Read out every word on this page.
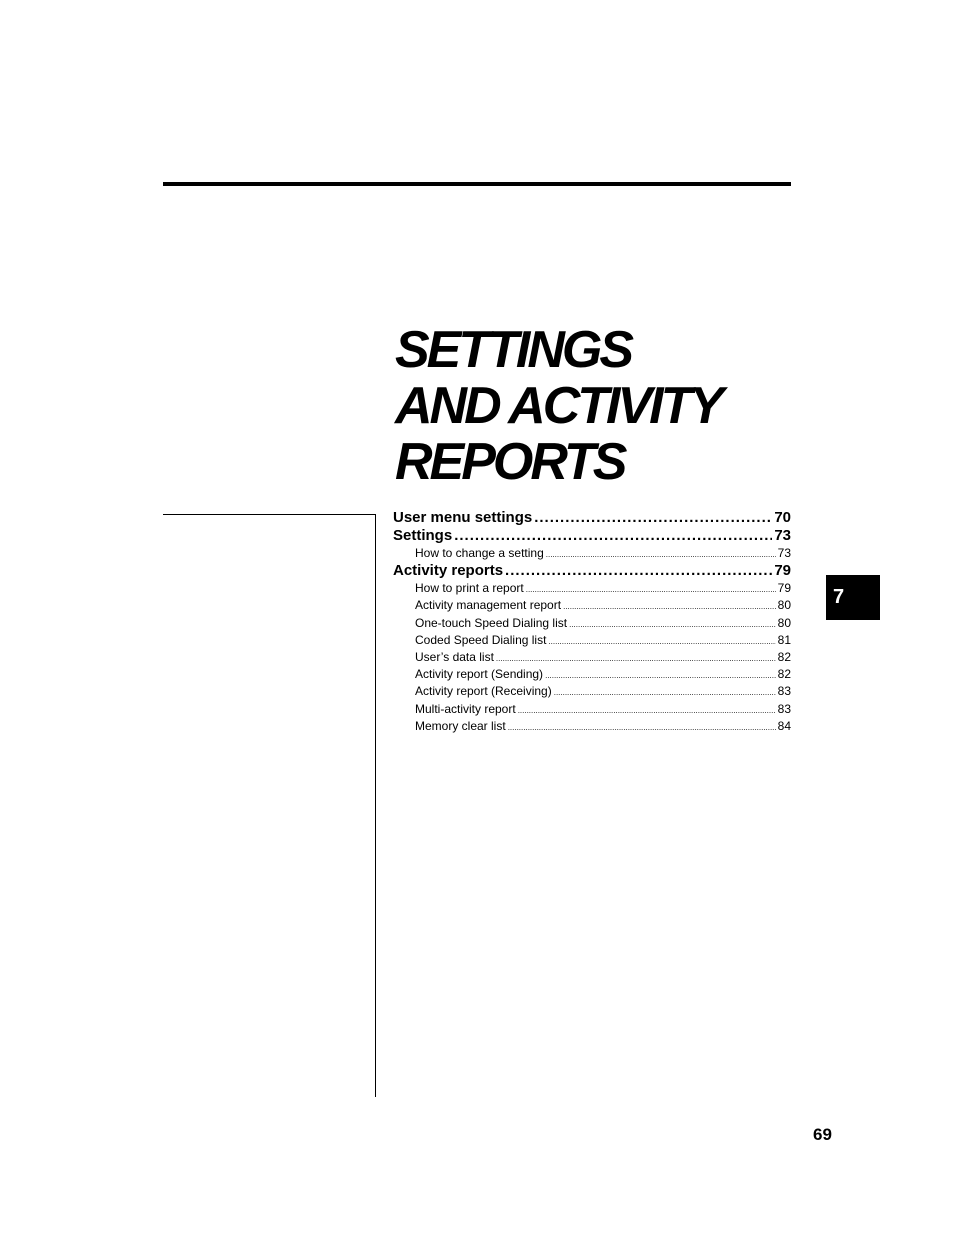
SETTINGS
AND ACTIVITY
REPORTS
User menu settings .....	70
Settings .....	73
How to change a setting .....	73
Activity reports .....	79
How to print a report .....	79
Activity management report .....	80
One-touch Speed Dialing list .....	80
Coded Speed Dialing list .....	81
User’s data list .....	82
Activity report (Sending) .....	82
Activity report (Receiving) .....	83
Multi-activity report .....	83
Memory clear list .....	84
7
69
